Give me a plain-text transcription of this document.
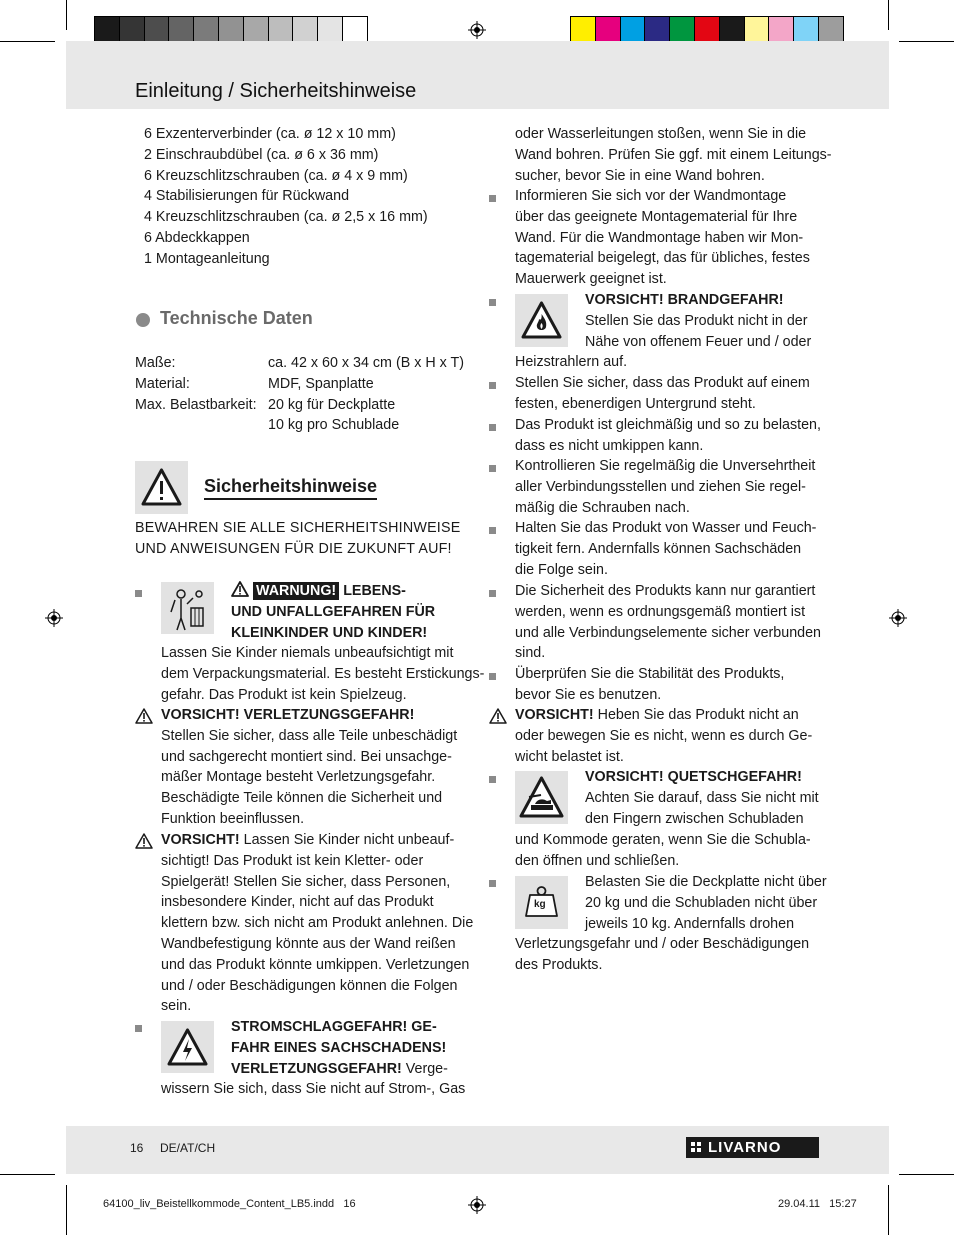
Einleitung / Sicherheitshinweise
6 Exzenterverbinder (ca. ø 12 x 10 mm)
2 Einschraubdübel (ca. ø 6 x 36 mm)
6 Kreuzschlitzschrauben (ca. ø 4 x 9 mm)
4 Stabilisierungen für Rückwand
4 Kreuzschlitzschrauben (ca. ø 2,5 x 16 mm)
6 Abdeckkappen
1 Montageanleitung
Technische Daten
Maße:	ca. 42 x 60 x 34 cm (B x H x T)
Material:	MDF, Spanplatte
Max. Belastbarkeit: 20 kg für Deckplatte
10 kg pro Schublade
Sicherheitshinweise
BEWAHREN SIE ALLE SICHERHEITSHINWEISE
UND ANWEISUNGEN FÜR DIE ZUKUNFT AUF!
WARNUNG! LEBENS-
UND UNFALLGEFAHREN FÜR
KLEINKINDER UND KINDER!
Lassen Sie Kinder niemals unbeaufsichtigt mit
dem Verpackungsmaterial. Es besteht Erstickungs-
gefahr. Das Produkt ist kein Spielzeug.
VORSICHT! VERLETZUNGSGEFAHR!
Stellen Sie sicher, dass alle Teile unbeschädigt
und sachgerecht montiert sind. Bei unsachge-
mäßer Montage besteht Verletzungsgefahr.
Beschädigte Teile können die Sicherheit und
Funktion beeinflussen.
VORSICHT! Lassen Sie Kinder nicht unbeauf-
sichtigt! Das Produkt ist kein Kletter- oder
Spielgerät! Stellen Sie sicher, dass Personen,
insbesondere Kinder, nicht auf das Produkt
klettern bzw. sich nicht am Produkt anlehnen. Die
Wandbefestigung könnte aus der Wand reißen
und das Produkt könnte umkippen. Verletzungen
und / oder Beschädigungen können die Folgen
sein.
STROMSCHLAGGEFAHR! GE-
FAHR EINES SACHSCHADENS!
VERLETZUNGSGEFAHR! Verge-
wissern Sie sich, dass Sie nicht auf Strom-, Gas
oder Wasserleitungen stoßen, wenn Sie in die
Wand bohren. Prüfen Sie ggf. mit einem Leitungs-
sucher, bevor Sie in eine Wand bohren.
Informieren Sie sich vor der Wandmontage
über das geeignete Montagematerial für Ihre
Wand. Für die Wandmontage haben wir Mon-
tagematerial beigelegt, das für übliches, festes
Mauerwerk geeignet ist.
VORSICHT! BRANDGEFAHR!
Stellen Sie das Produkt nicht in der
Nähe von offenem Feuer und / oder
Heizstrahlern auf.
Stellen Sie sicher, dass das Produkt auf einem
festen, ebenerdigen Untergrund steht.
Das Produkt ist gleichmäßig und so zu belasten,
dass es nicht umkippen kann.
Kontrollieren Sie regelmäßig die Unversehrtheit
aller Verbindungsstellen und ziehen Sie regel-
mäßig die Schrauben nach.
Halten Sie das Produkt von Wasser und Feuch-
tigkeit fern. Andernfalls können Sachschäden
die Folge sein.
Die Sicherheit des Produkts kann nur garantiert
werden, wenn es ordnungsgemäß montiert ist
und alle Verbindungselemente sicher verbunden
sind.
Überprüfen Sie die Stabilität des Produkts,
bevor Sie es benutzen.
VORSICHT! Heben Sie das Produkt nicht an
oder bewegen Sie es nicht, wenn es durch Ge-
wicht belastet ist.
VORSICHT! QUETSCHGEFAHR!
Achten Sie darauf, dass Sie nicht mit
den Fingern zwischen Schubladen
und Kommode geraten, wenn Sie die Schubla-
den öffnen und schließen.
kg
Belasten Sie die Deckplatte nicht über
20 kg und die Schubladen nicht über
jeweils 10 kg. Andernfalls drohen
Verletzungsgefahr und / oder Beschädigungen
des Produkts.
16 DE/AT/CH	LIVARNO
64100_liv_Beistellkommode_Content_LB5.indd   16	29.04.11   15:27
